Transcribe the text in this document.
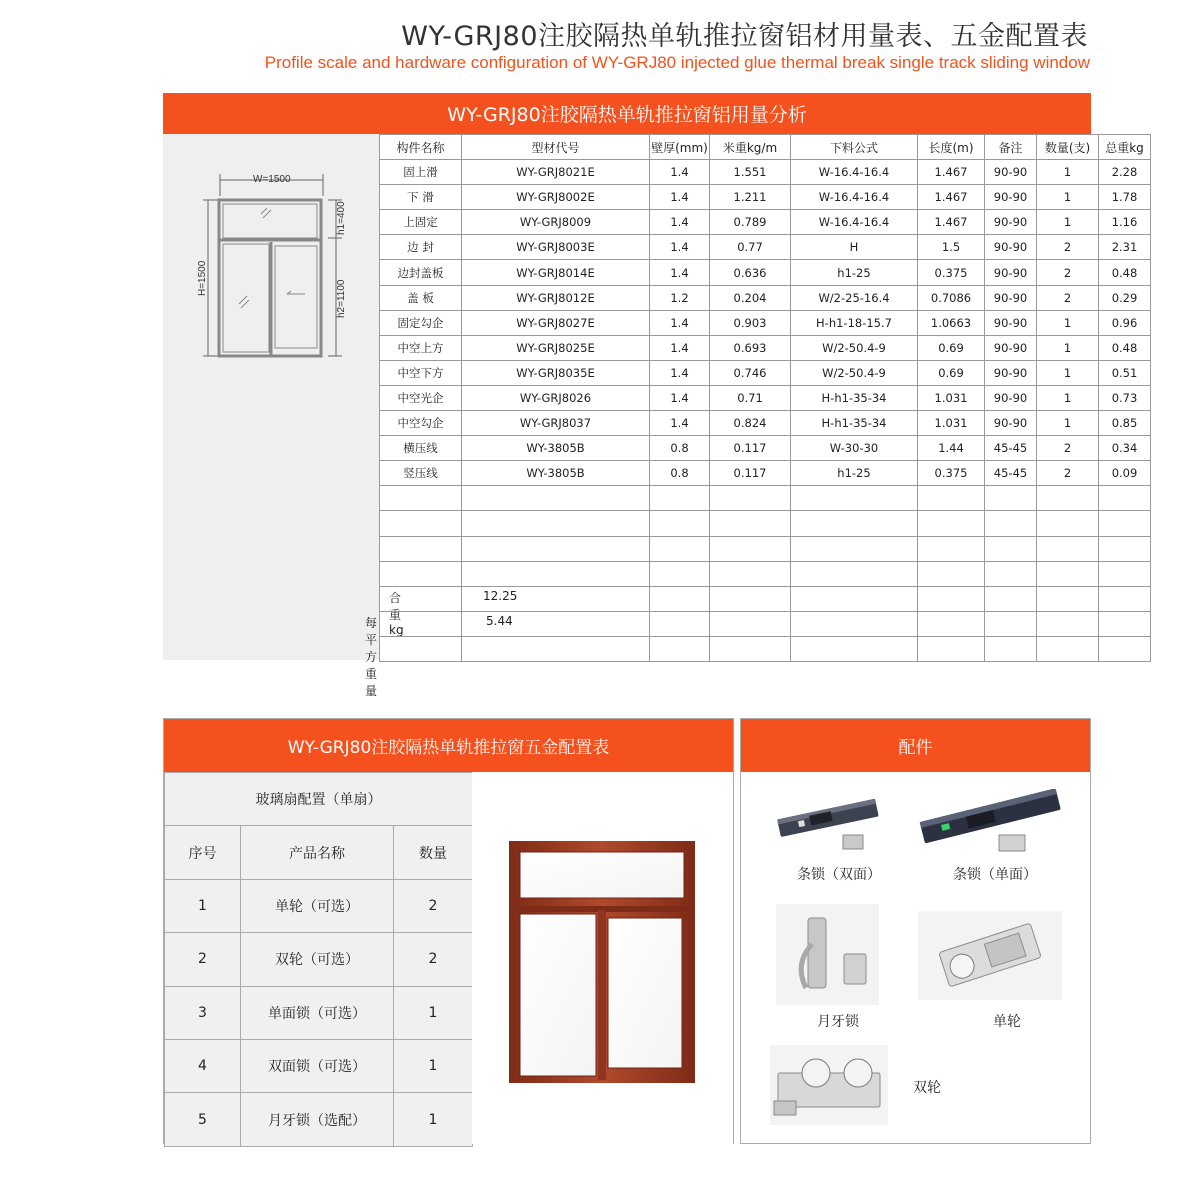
WY-GRJ80注胶隔热单轨推拉窗铝材用量表、五金配置表
Profile scale and hardware configuration of WY-GRJ80 injected glue thermal break single track sliding window
WY-GRJ80注胶隔热单轨推拉窗铝用量分析
W=1500
H=1500
h1=400
h2=1100
合重kg
12.25
每平方重量
5.44
构件名称	型材代号	壁厚(mm)	米重kg/m	下料公式	长度(m)	备注	数量(支)	总重kg
固上滑	WY-GRJ8021E	1.4	1.551	W-16.4-16.4	1.467	90-90	1	2.28
下 滑	WY-GRJ8002E	1.4	1.211	W-16.4-16.4	1.467	90-90	1	1.78
上固定	WY-GRJ8009	1.4	0.789	W-16.4-16.4	1.467	90-90	1	1.16
边 封	WY-GRJ8003E	1.4	0.77	H	1.5	90-90	2	2.31
边封盖板	WY-GRJ8014E	1.4	0.636	h1-25	0.375	90-90	2	0.48
盖 板	WY-GRJ8012E	1.2	0.204	W/2-25-16.4	0.7086	90-90	2	0.29
固定勾企	WY-GRJ8027E	1.4	0.903	H-h1-18-15.7	1.0663	90-90	1	0.96
中空上方	WY-GRJ8025E	1.4	0.693	W/2-50.4-9	0.69	90-90	1	0.48
中空下方	WY-GRJ8035E	1.4	0.746	W/2-50.4-9	0.69	90-90	1	0.51
中空光企	WY-GRJ8026	1.4	0.71	H-h1-35-34	1.031	90-90	1	0.73
中空勾企	WY-GRJ8037	1.4	0.824	H-h1-35-34	1.031	90-90	1	0.85
横压线	WY-3805B	0.8	0.117	W-30-30	1.44	45-45	2	0.34
竖压线	WY-3805B	0.8	0.117	h1-25	0.375	45-45	2	0.09

WY-GRJ80注胶隔热单轨推拉窗五金配置表
玻璃扇配置（单扇）		
序号	产品名称	数量
1	单轮（可选）	2
2	双轮（可选）	2
3	单面锁（可选）	1
4	双面锁（可选）	1
5	月牙锁（选配）	1
配件
条锁（双面）	条锁（单面）
月牙锁	单轮
双轮
